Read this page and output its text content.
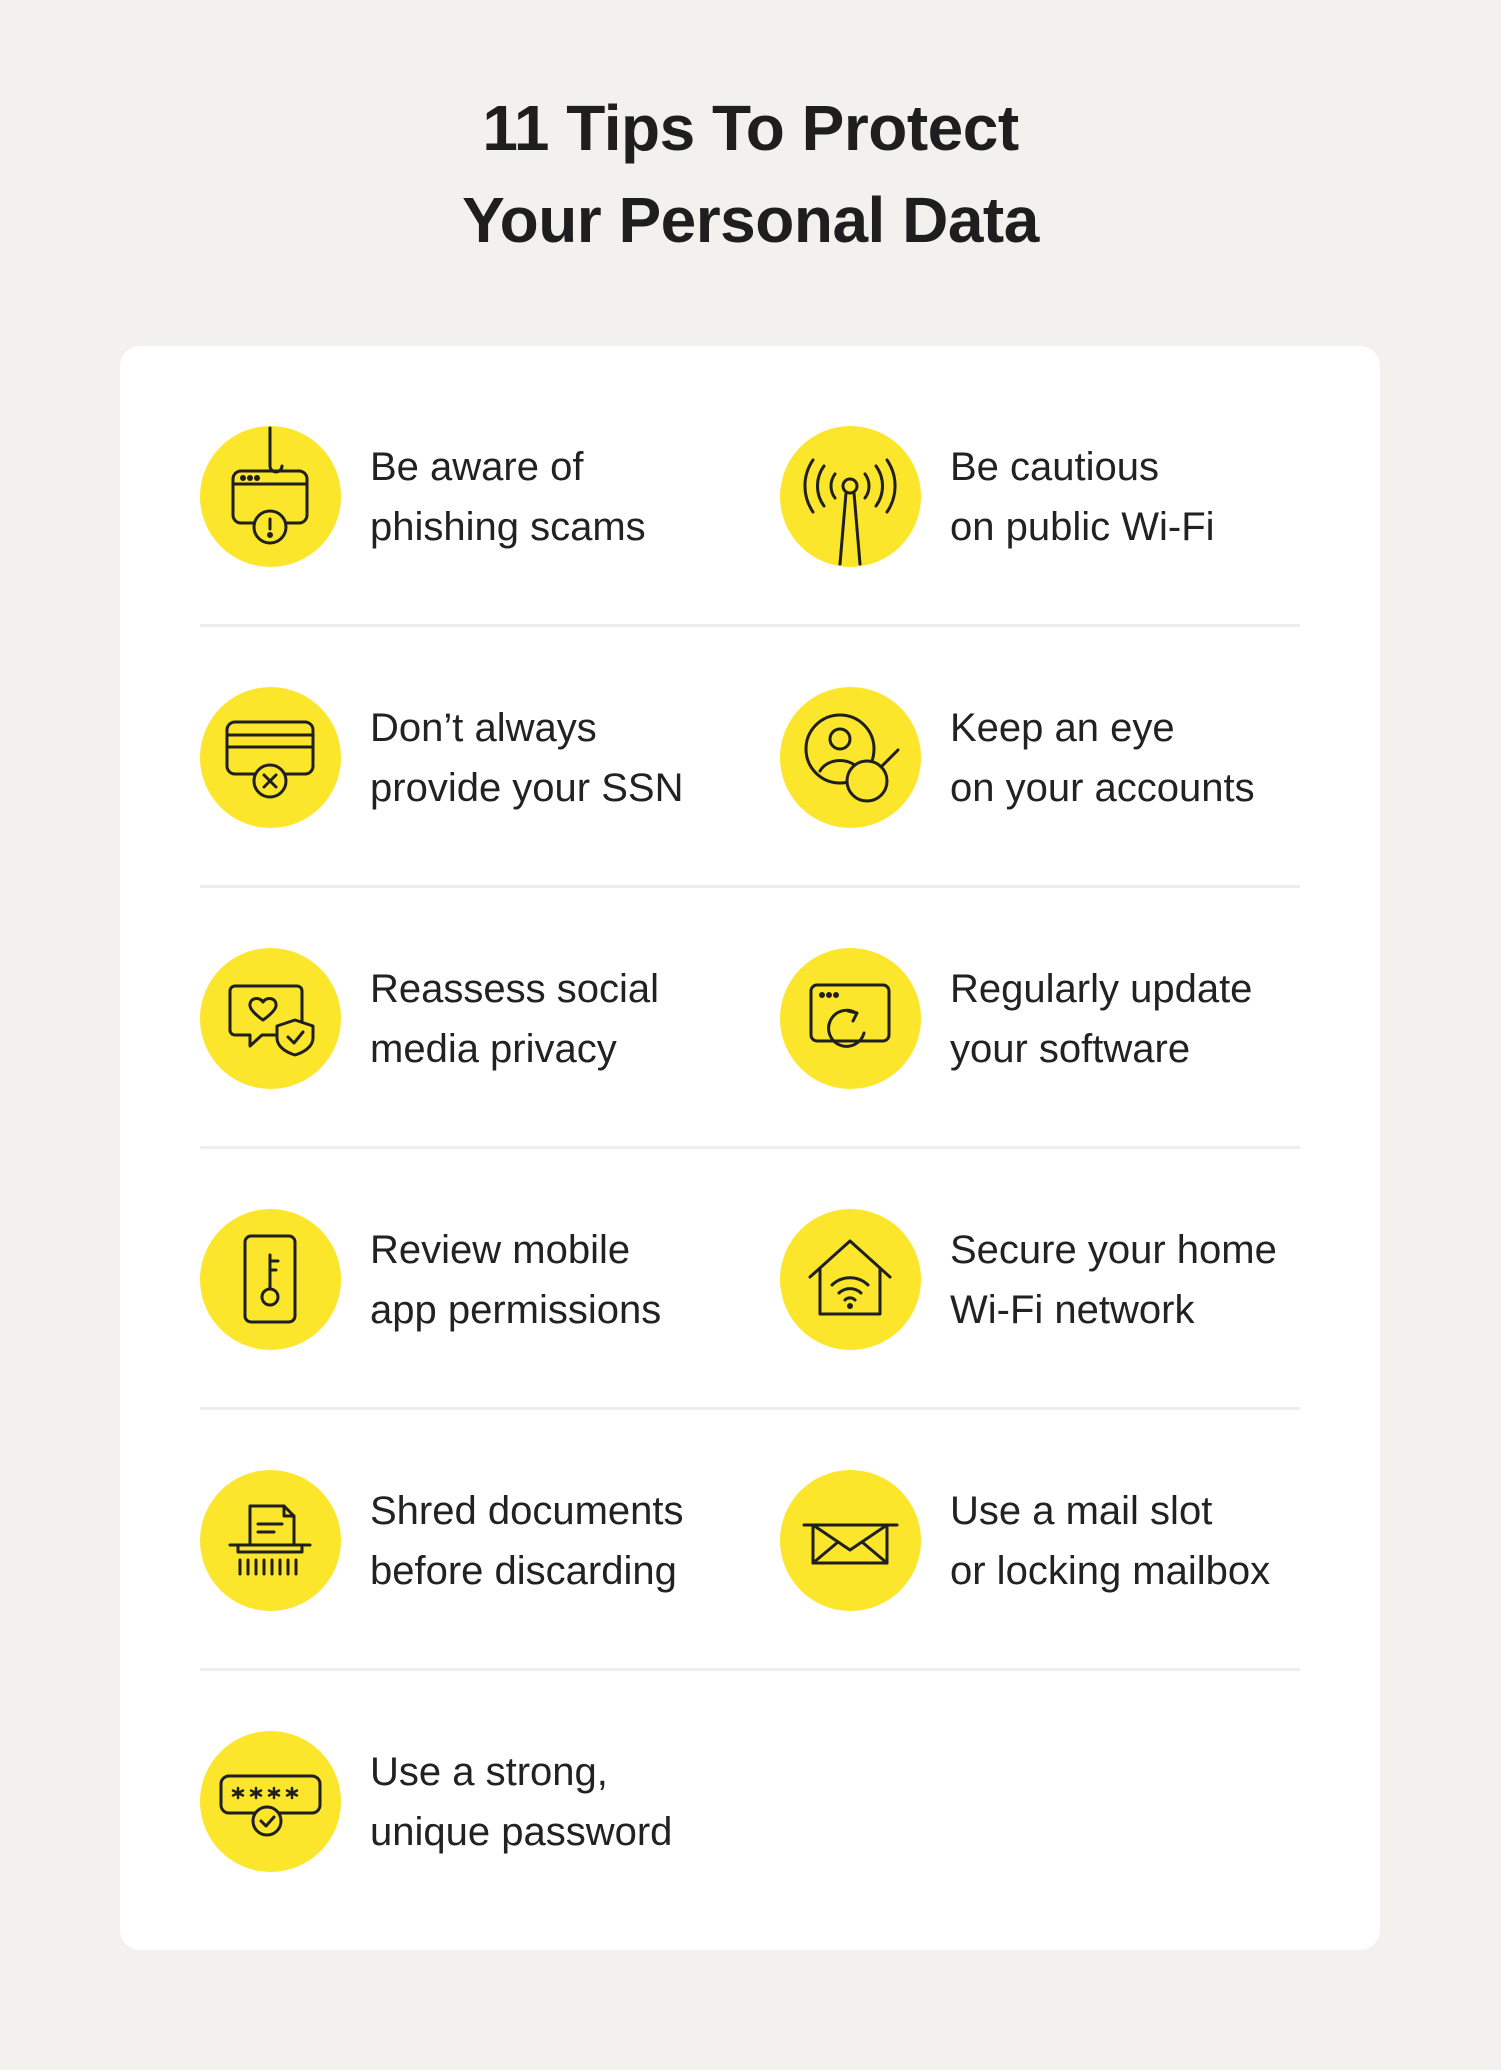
11 Tips To Protect
Your Personal Data
Be aware of
phishing scams
Be cautious
on public Wi-Fi
Don’t always
provide your SSN
Keep an eye
on your accounts
Reassess social
media privacy
Regularly update
your software
Review mobile
app permissions
Secure your home
Wi-Fi network
Shred documents
before discarding
Use a mail slot
or locking mailbox
Use a strong,
unique password
